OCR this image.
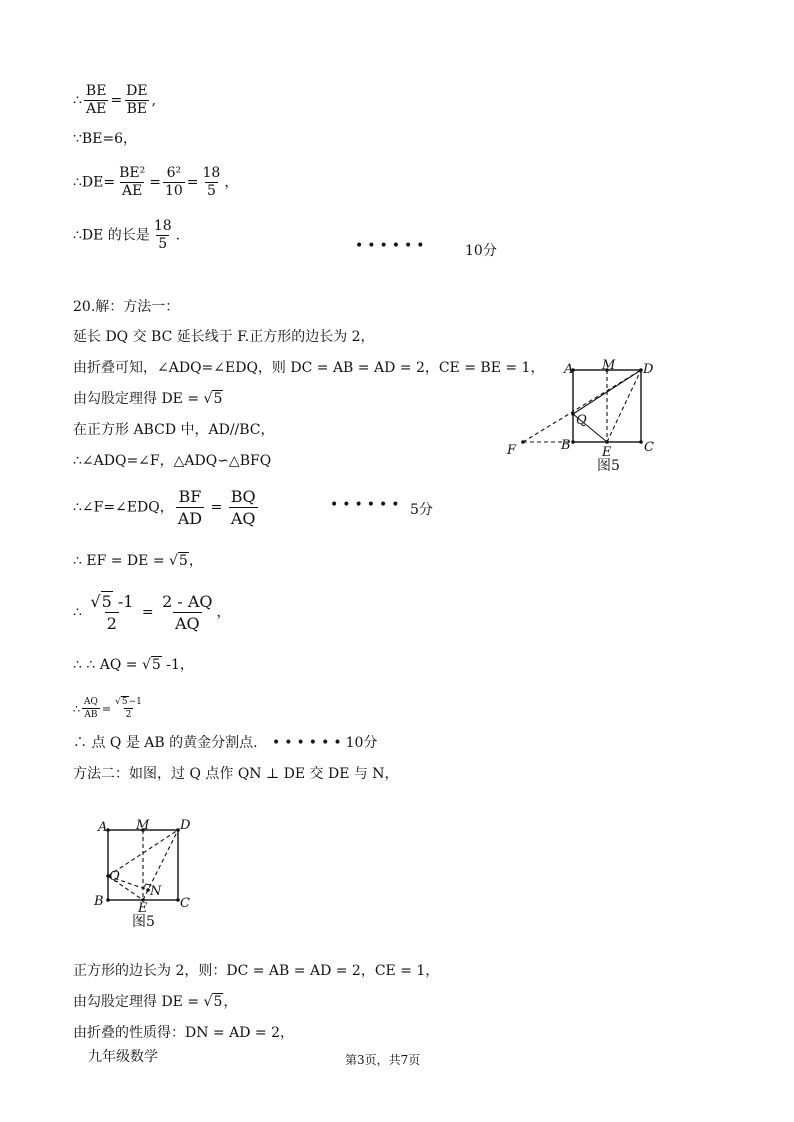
∴ $\frac{BE}{AE} = \frac{DE}{BE}$ ,
∵BE=6，
∴DE= $\frac{\text{BE²}}{AE} = \frac{\text{6²}}{10} = \frac{18}{5}$ ，
∴DE 的长是 $\frac{18}{5}$ .
••••••	10分
20.解：方法一：
延长 DQ 交 BC 延长线于 F.正方形的边长为 2，
由折叠可知，∠ADQ=∠EDQ，则 DC = AB = AD = 2，CE = BE = 1，
由勾股定理得 DE = √5
在正方形 ABCD 中，AD//BC，
∴∠ADQ=∠F，△ADQ∽△BFQ
∴∠F=∠EDQ， $\frac{BF}{AD} = \frac{BQ}{AQ}$	•••••• 5分
∴ EF = DE = √5，
∴ $\frac{√5 -1}{2} = \frac{2 - AQ}{AQ}$ ，
∴ ∴ AQ = √5 -1，
∴ $\frac{AQ}{AB} = \frac{√5-1}{2}$
∴ 点 Q 是 AB 的黄金分割点. ••••••10分
方法二：如图，过 Q 点作 QN ⊥ DE 交 DE 与 N，
正方形的边长为 2，则：DC = AB = AD = 2，CE = 1，
由勾股定理得 DE = √5，
由折叠的性质得：DN = AD = 2，
A M D
Q
F	B E	C
图5
A M D
Q
N
B	E	C
图5
九年级数学	第3页，共7页
